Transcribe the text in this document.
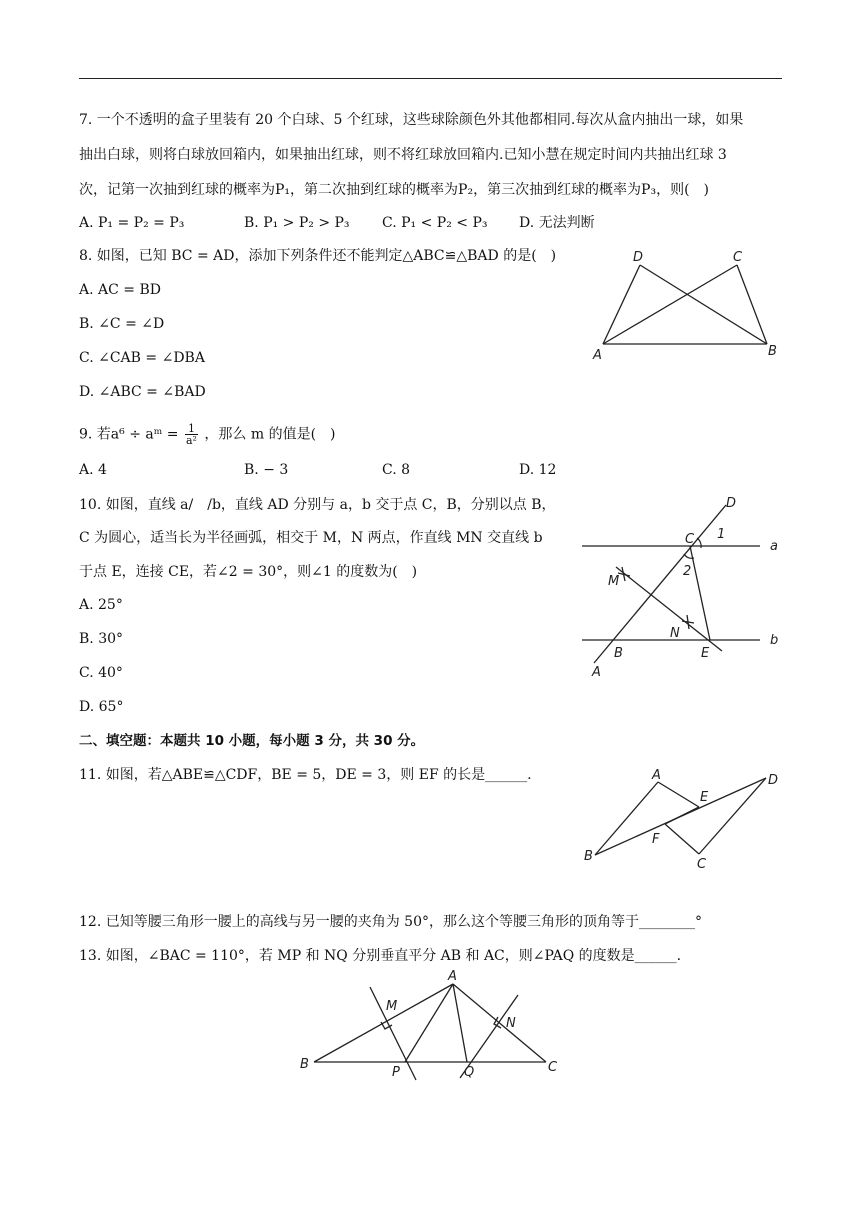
7. 一个不透明的盒子里装有 20 个白球、5 个红球，这些球除颜色外其他都相同.每次从盒内抽出一球，如果
抽出白球，则将白球放回箱内，如果抽出红球，则不将红球放回箱内.已知小慧在规定时间内共抽出红球 3
次，记第一次抽到红球的概率为P₁，第二次抽到红球的概率为P₂，第三次抽到红球的概率为P₃，则(　)
A. P₁ = P₂ = P₃	B. P₁ > P₂ > P₃ C. P₁ < P₂ < P₃ D. 无法判断
8. 如图，已知 BC = AD，添加下列条件还不能判定△ABC≌△BAD 的是(　)
A. AC = BD
B. ∠C = ∠D
C. ∠CAB = ∠DBA
D. ∠ABC = ∠BAD
D	C
A	B
9. 若a⁶ ÷ aᵐ = $\frac{1}{\text{a²}}$ ，那么 m 的值是(　)
A. 4	B. − 3	C. 8	D. 12
10. 如图，直线 a/　/b，直线 AD 分别与 a，b 交于点 C，B，分别以点 B，
C 为圆心，适当长为半径画弧，相交于 M，N 两点，作直线 MN 交直线 b
于点 E，连接 CE，若∠2 = 30°，则∠1 的度数为(　)
A. 25°
B. 30°
C. 40°
D. 65°
D
C 1
a
2
M
N	b
B	E
A
二、填空题：本题共 10 小题，每小题 3 分，共 30 分。
11. 如图，若△ABE≌△CDF，BE = 5，DE = 3，则 EF 的长是______.	A
E
D
F
B
C
12. 已知等腰三角形一腰上的高线与另一腰的夹角为 50°，那么这个等腰三角形的顶角等于________°
13. 如图，∠BAC = 110°，若 MP 和 NQ 分别垂直平分 AB 和 AC，则∠PAQ 的度数是______.
A
M
N
B
P	Q	C
